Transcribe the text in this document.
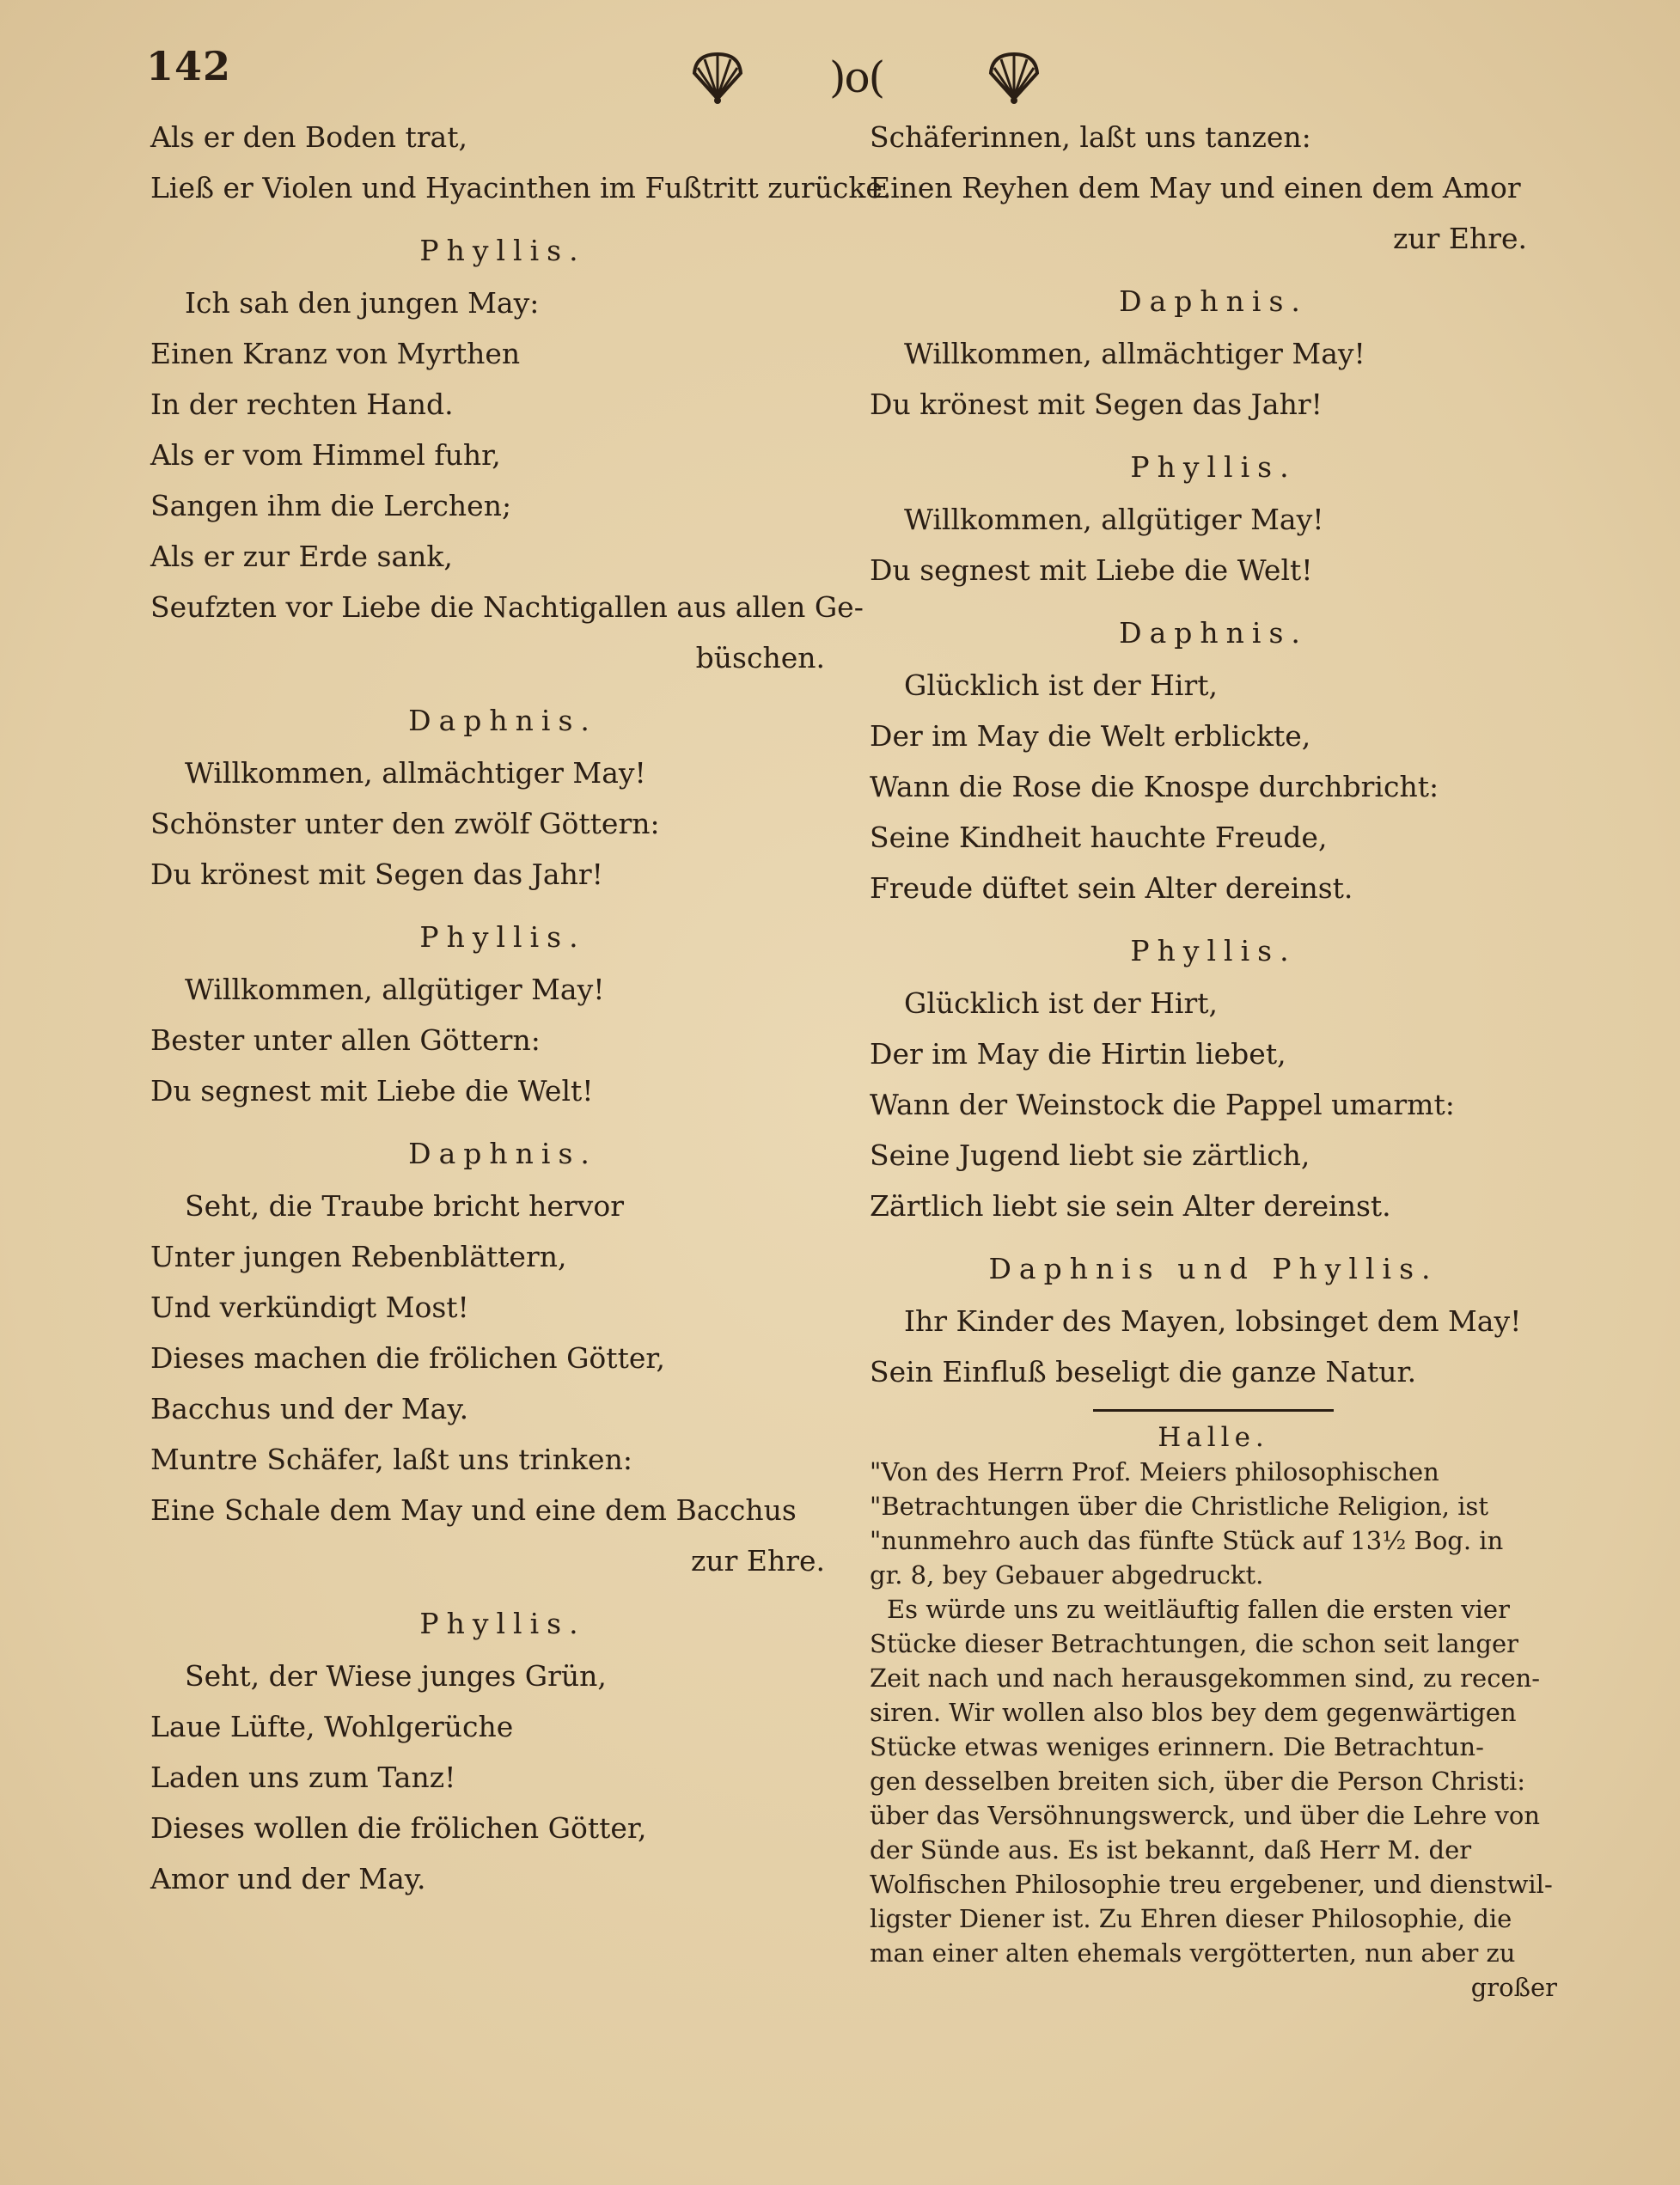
142	)o(
Als er den Boden trat,
Ließ er Violen und Hyacinthen im Fußtritt zurücke.
Phyllis.
Ich sah den jungen May:
Einen Kranz von Myrthen
In der rechten Hand.
Als er vom Himmel fuhr,
Sangen ihm die Lerchen;
Als er zur Erde sank,
Seufzten vor Liebe die Nachtigallen aus allen Ge-
büschen.
Daphnis.
Willkommen, allmächtiger May!
Schönster unter den zwölf Göttern:
Du krönest mit Segen das Jahr!
Phyllis.
Willkommen, allgütiger May!
Bester unter allen Göttern:
Du segnest mit Liebe die Welt!
Daphnis.
Seht, die Traube bricht hervor
Unter jungen Rebenblättern,
Und verkündigt Most!
Dieses machen die frölichen Götter,
Bacchus und der May.
Muntre Schäfer, laßt uns trinken:
Eine Schale dem May und eine dem Bacchus
zur Ehre.
Phyllis.
Seht, der Wiese junges Grün,
Laue Lüfte, Wohlgerüche
Laden uns zum Tanz!
Dieses wollen die frölichen Götter,
Amor und der May.
Schäferinnen, laßt uns tanzen:
Einen Reyhen dem May und einen dem Amor
zur Ehre.
Daphnis.
Willkommen, allmächtiger May!
Du krönest mit Segen das Jahr!
Phyllis.
Willkommen, allgütiger May!
Du segnest mit Liebe die Welt!
Daphnis.
Glücklich ist der Hirt,
Der im May die Welt erblickte,
Wann die Rose die Knospe durchbricht:
Seine Kindheit hauchte Freude,
Freude düftet sein Alter dereinst.
Phyllis.
Glücklich ist der Hirt,
Der im May die Hirtin liebet,
Wann der Weinstock die Pappel umarmt:
Seine Jugend liebt sie zärtlich,
Zärtlich liebt sie sein Alter dereinst.
Daphnis und Phyllis.
Ihr Kinder des Mayen, lobsinget dem May!
Sein Einfluß beseligt die ganze Natur.
Halle.
"Von des Herrn Prof. Meiers philosophischen
"Betrachtungen über die Christliche Religion, ist
"nunmehro auch das fünfte Stück auf 13½ Bog. in
gr. 8, bey Gebauer abgedruckt.
Es würde uns zu weitläuftig fallen die ersten vier
Stücke dieser Betrachtungen, die schon seit langer
Zeit nach und nach herausgekommen sind, zu recen-
siren. Wir wollen also blos bey dem gegenwärtigen
Stücke etwas weniges erinnern. Die Betrachtun-
gen desselben breiten sich, über die Person Christi:
über das Versöhnungswerck, und über die Lehre von
der Sünde aus. Es ist bekannt, daß Herr M. der
Wolfischen Philosophie treu ergebener, und dienstwil-
ligster Diener ist. Zu Ehren dieser Philosophie, die
man einer alten ehemals vergötterten, nun aber zu
großer
